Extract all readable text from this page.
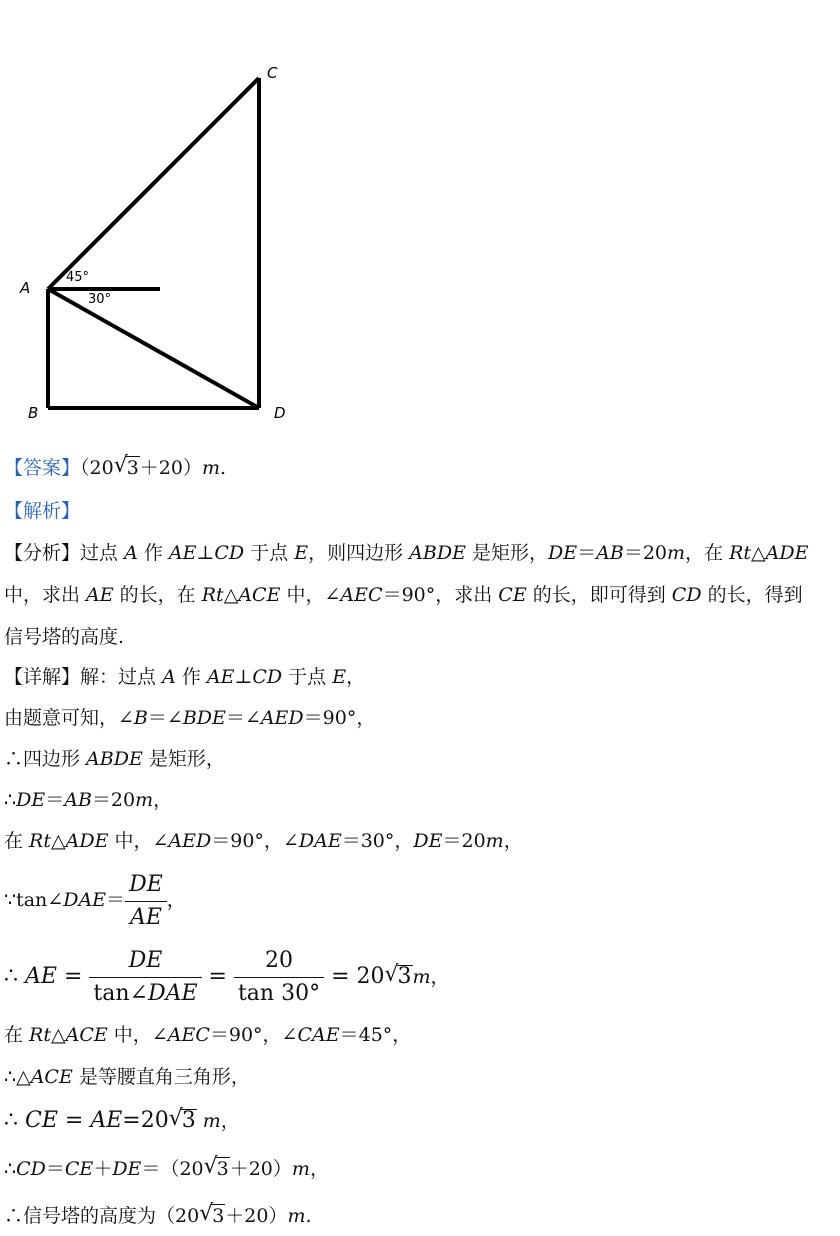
C
A
B	D
45°
30°
【答案】（20√ 3＋20）m.
【解析】
【分析】过点 A 作 AE⊥CD 于点 E，则四边形 ABDE 是矩形，DE＝AB＝20m，在 Rt△ADE
中，求出 AE 的长，在 Rt△ACE 中，∠AEC＝90°，求出 CE 的长，即可得到 CD 的长，得到
信号塔的高度.
【详解】解：过点 A 作 AE⊥CD 于点 E，
由题意可知，∠B＝∠BDE＝∠AED＝90°，
∴四边形 ABDE 是矩形，
∴DE＝AB＝20m，
在 Rt△ADE 中，∠AED＝90°，∠DAE＝30°，DE＝20m，
∵tan∠DAE＝ $\frac{DE}{AE}$ ，
∴ AE = $\frac{DE}{\text{tan∠DAE}} = \frac{20}{\tan 30^\circ} = 20√$ 3m，
在 Rt△ACE 中，∠AEC＝90°，∠CAE＝45°，
∴△ACE 是等腰直角三角形，
∴ CE = AE=20√ 3 m，
∴CD＝CE＋DE＝（20√ 3＋20）m，
∴信号塔的高度为（20√ 3＋20）m.
